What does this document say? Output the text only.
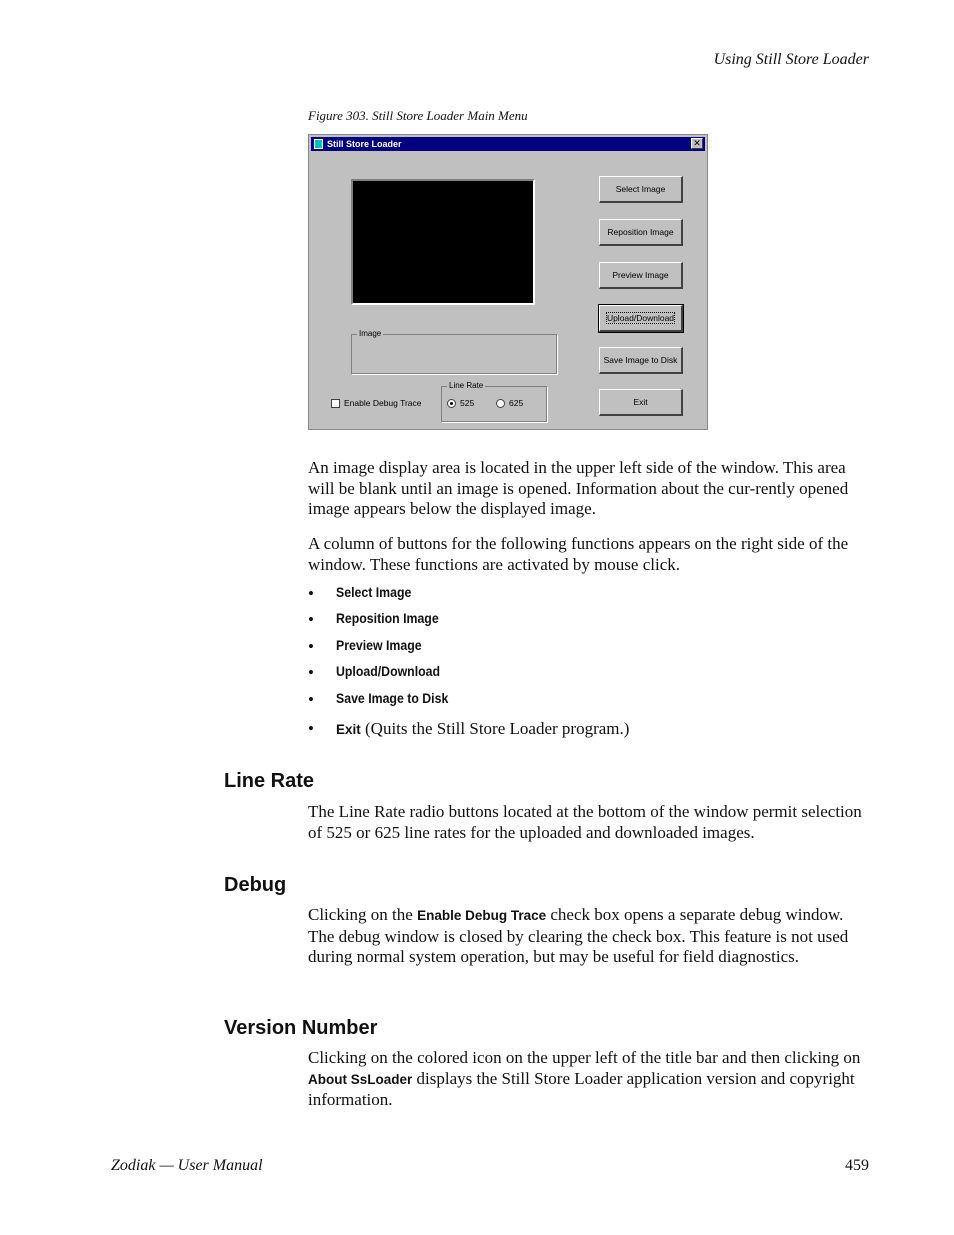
Using Still Store Loader
Figure 303. Still Store Loader Main Menu
Still Store Loader	✕
Select Image
Reposition Image
Preview Image
Upload/Download
Save Image to Disk
Exit
Image
Enable Debug Trace
Line Rate
525	625
An image display area is located in the upper left side of the window. This area will be blank until an image is opened. Information about the cur-rently opened image appears below the displayed image.
A column of buttons for the following functions appears on the right side of the window. These functions are activated by mouse click.
• Select Image
• Reposition Image
• Preview Image
• Upload/Download
• Save Image to Disk
• Exit (Quits the Still Store Loader program.)
Line Rate
The Line Rate radio buttons located at the bottom of the window permit selection of 525 or 625 line rates for the uploaded and downloaded images.
Debug
Clicking on the Enable Debug Trace check box opens a separate debug window. The debug window is closed by clearing the check box. This feature is not used during normal system operation, but may be useful for field diagnostics.
Version Number
Clicking on the colored icon on the upper left of the title bar and then clicking on About SsLoader displays the Still Store Loader application version and copyright information.
Zodiak — User Manual	459
